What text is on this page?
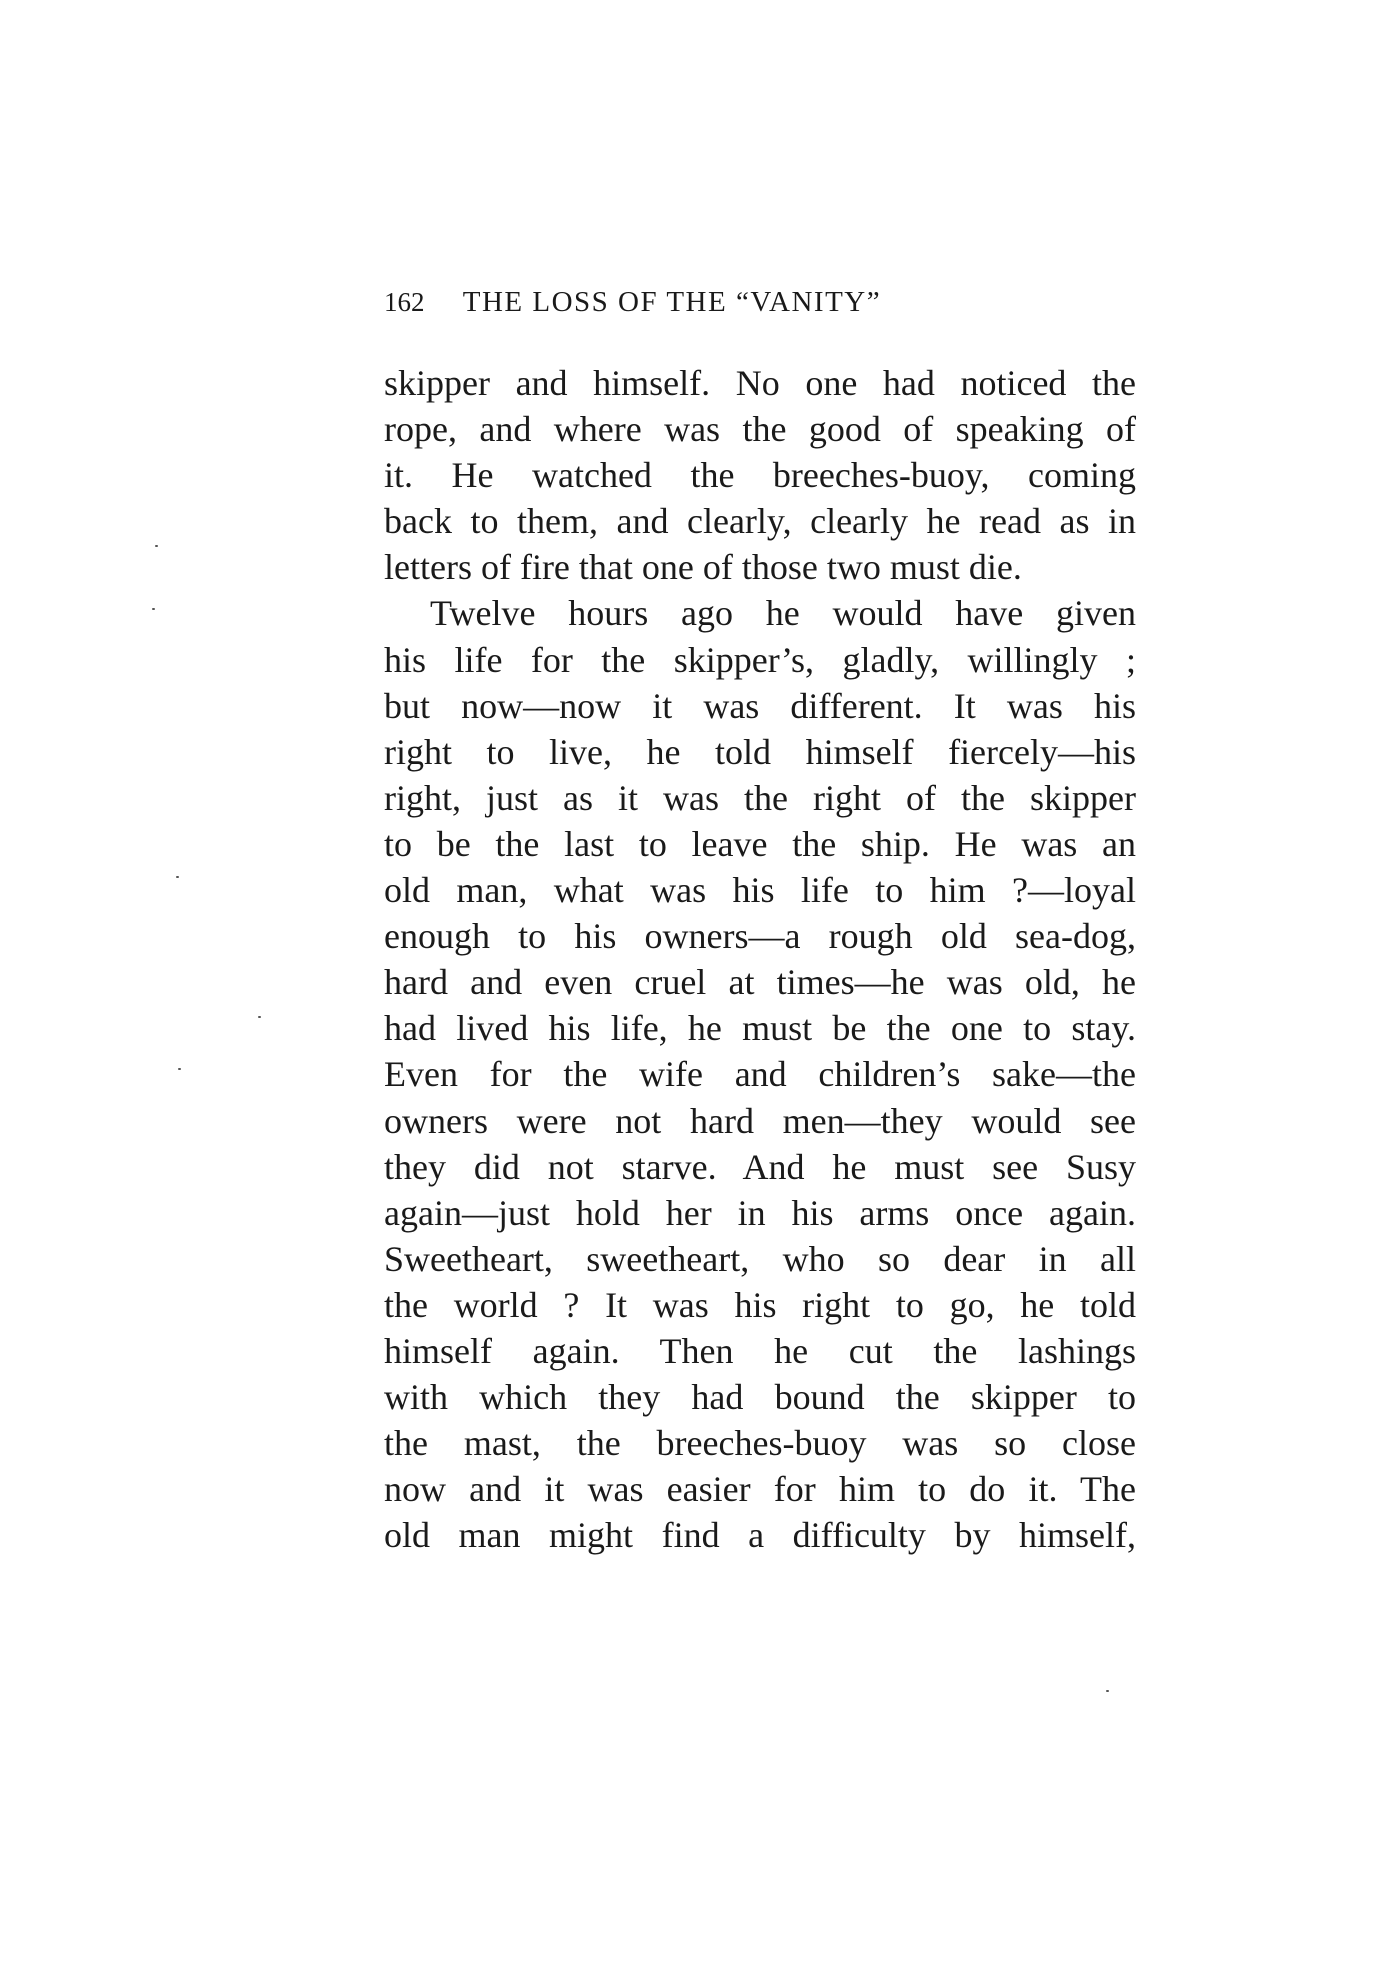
162 THE LOSS OF THE “VANITY”
skipper and himself. No one had noticed the
rope, and where was the good of speaking of
it. He watched the breeches-buoy, coming
back to them, and clearly, clearly he read as in
letters of fire that one of those two must die.
Twelve hours ago he would have given
his life for the skipper’s, gladly, willingly ;
but now—now it was different. It was his
right to live, he told himself fiercely—his
right, just as it was the right of the skipper
to be the last to leave the ship. He was an
old man, what was his life to him ?—loyal
enough to his owners—a rough old sea-dog,
hard and even cruel at times—he was old, he
had lived his life, he must be the one to stay.
Even for the wife and children’s sake—the
owners were not hard men—they would see
they did not starve. And he must see Susy
again—just hold her in his arms once again.
Sweetheart, sweetheart, who so dear in all
the world ? It was his right to go, he told
himself again. Then he cut the lashings
with which they had bound the skipper to
the mast, the breeches-buoy was so close
now and it was easier for him to do it. The
old man might find a difficulty by himself,
